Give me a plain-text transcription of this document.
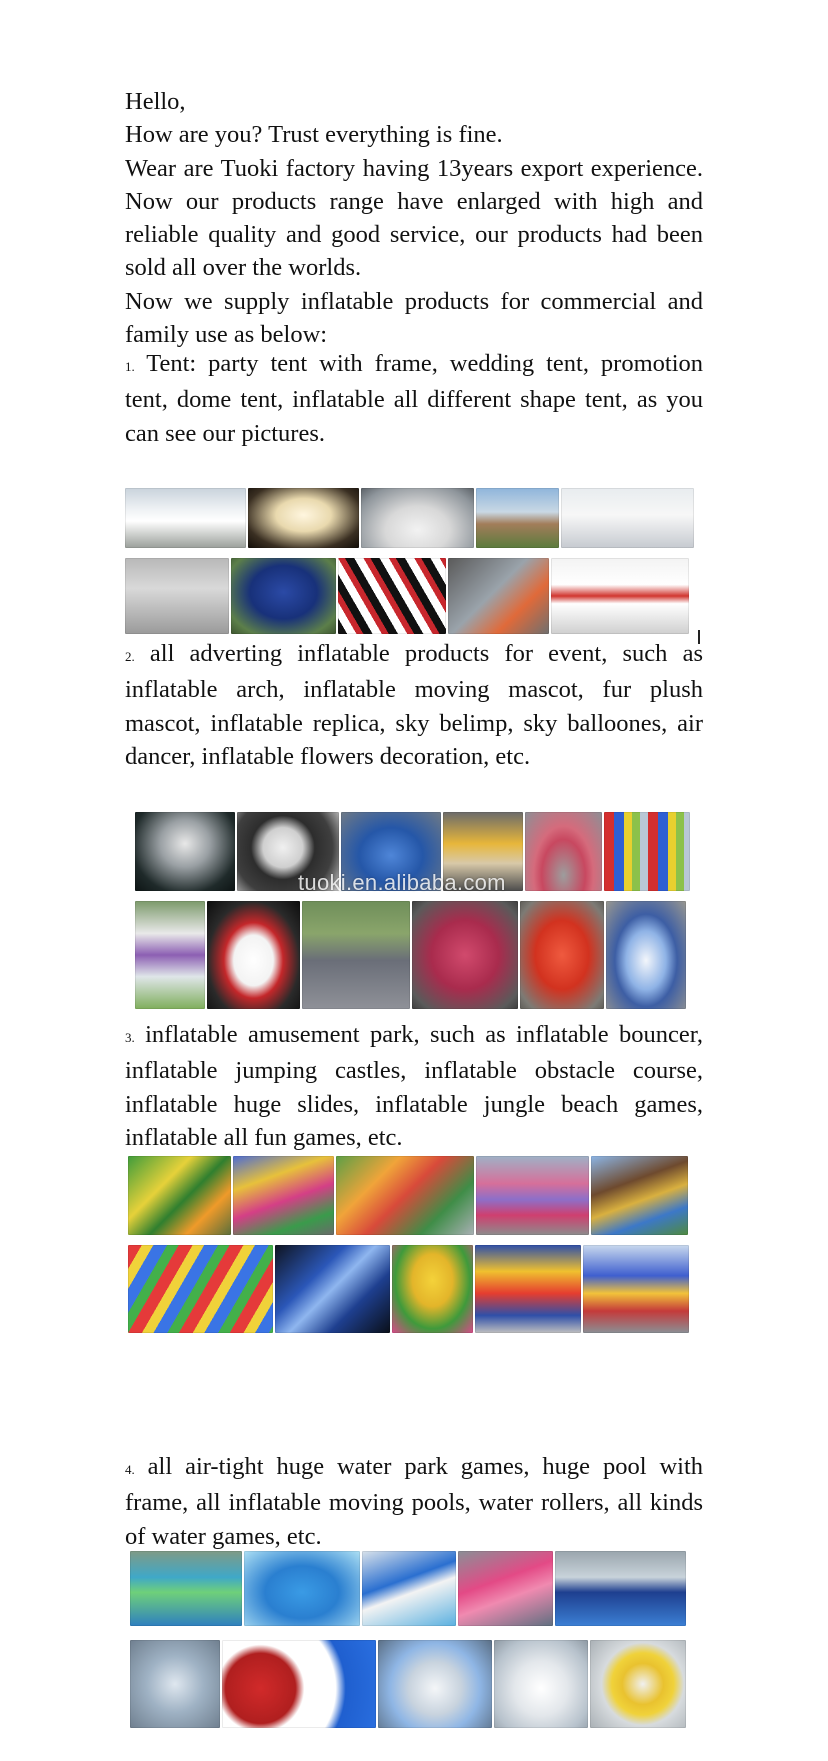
Hello,

How are you? Trust everything is fine.

Wear are Tuoki factory having 13years export experience. Now our products range have enlarged with high and reliable quality and good service, our products had been sold all over the worlds.

Now we supply inflatable products for commercial and family use as below:

1. Tent: party tent with frame, wedding tent, promotion tent, dome tent, inflatable all different shape tent, as you can see our pictures.

2. all adverting inflatable products for event, such as inflatable arch, inflatable moving mascot, fur plush mascot, inflatable replica, sky belimp, sky balloones, air dancer, inflatable flowers decoration, etc.

tuoki.en.alibaba.com

3. inflatable amusement park, such as inflatable bouncer, inflatable jumping castles, inflatable obstacle course, inflatable huge slides, inflatable jungle beach games, inflatable all fun games, etc.

4. all air-tight huge water park games, huge pool with frame, all inflatable moving pools, water rollers, all kinds of water games, etc.
